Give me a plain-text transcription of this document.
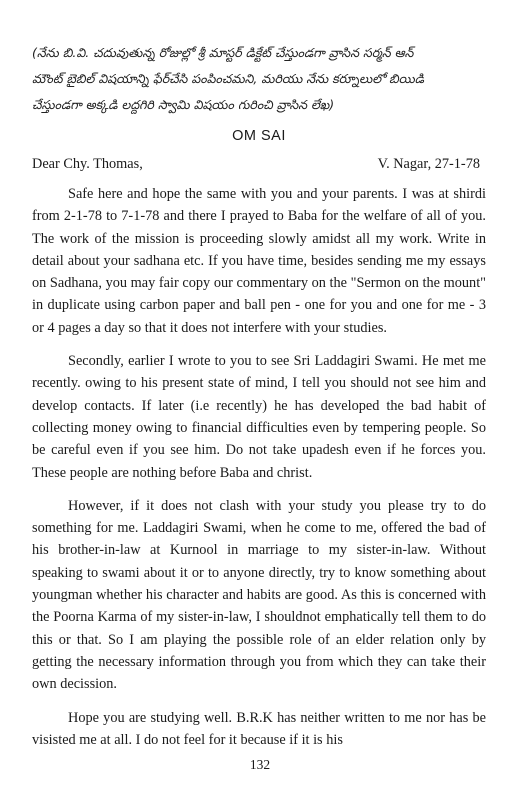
(నేను బి.వి. చదువుతున్న రోజుల్లో శ్రీ మాస్టర్ డిక్టేట్ చేస్తుండగా వ్రాసిన సర్మన్ ఆన్
మౌంట్ బైబిల్ విషయాన్ని ఫేర్‌చేసి పంపించమని, మరియు నేను కర్నూలులో బియిడి
చేస్తుండగా అక్కడి లద్దగిరి స్వామి విషయం గురించి వ్రాసిన లేఖ)
OM SAI
Dear Chy. Thomas,	V. Nagar, 27-1-78

Safe here and hope the same with you and your parents. I was at shirdi from 2-1-78 to 7-1-78 and there I prayed to Baba for the welfare of all of you. The work of the mission is proceeding slowly amidst all my work. Write in detail about your sadhana etc. If you have time, besides sending me my essays on Sadhana, you may fair copy our commentary on the "Sermon on the mount" in duplicate using carbon paper and ball pen - one for you and one for me - 3 or 4 pages a day so that it does not interfere with your studies.

Secondly, earlier I wrote to you to see Sri Laddagiri Swami. He met me recently. owing to his present state of mind, I tell you should not see him and develop contacts. If later (i.e recently) he has developed the bad habit of collecting money owing to financial difficulties even by tempering people. So be careful even if you see him. Do not take upadesh even if he forces you. These people are nothing before Baba and christ.

However, if it does not clash with your study you please try to do something for me. Laddagiri Swami, when he come to me, offered the bad of his brother-in-law at Kurnool in marriage to my sister-in-law. Without speaking to swami about it or to anyone directly, try to know something about youngman whether his character and habits are good. As this is concerned with the Poorna Karma of my sister-in-law, I shouldnot emphatically tell them to do this or that. So I am playing the possible role of an elder relation only by getting the necessary information through you from which they can take their own decission.

Hope you are studying well. B.R.K has neither written to me nor has be visisted me at all. I do not feel for it because if it is his

132
